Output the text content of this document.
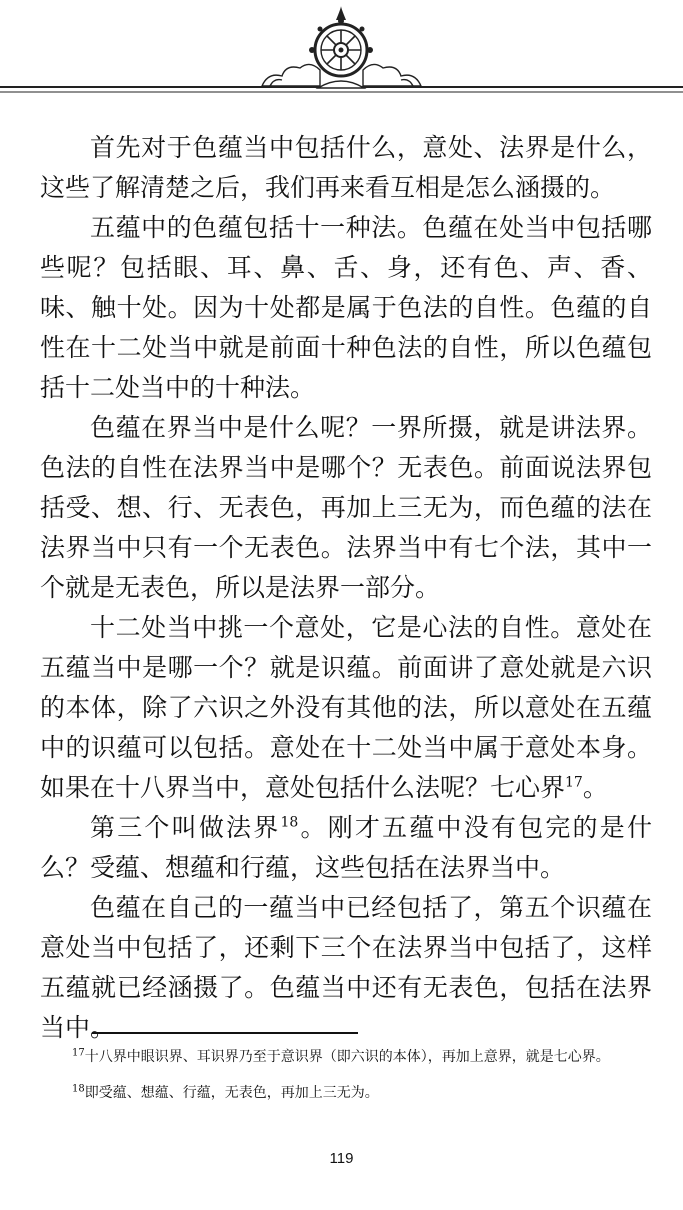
首先对于色蕴当中包括什么，意处、法界是什么，这些了解清楚之后，我们再来看互相是怎么涵摄的。

五蕴中的色蕴包括十一种法。色蕴在处当中包括哪些呢？包括眼、耳、鼻、舌、身，还有色、声、香、味、触十处。因为十处都是属于色法的自性。色蕴的自性在十二处当中就是前面十种色法的自性，所以色蕴包括十二处当中的十种法。

色蕴在界当中是什么呢？一界所摄，就是讲法界。色法的自性在法界当中是哪个？无表色。前面说法界包括受、想、行、无表色，再加上三无为，而色蕴的法在法界当中只有一个无表色。法界当中有七个法，其中一个就是无表色，所以是法界一部分。

十二处当中挑一个意处，它是心法的自性。意处在五蕴当中是哪一个？就是识蕴。前面讲了意处就是六识的本体，除了六识之外没有其他的法，所以意处在五蕴中的识蕴可以包括。意处在十二处当中属于意处本身。如果在十八界当中，意处包括什么法呢？七心界$^{17}$。

第三个叫做法界$^{18}$。刚才五蕴中没有包完的是什么？受蕴、想蕴和行蕴，这些包括在法界当中。

色蕴在自己的一蕴当中已经包括了，第五个识蕴在意处当中包括了，还剩下三个在法界当中包括了，这样五蕴就已经涵摄了。色蕴当中还有无表色，包括在法界当中。

$^{17}$十八界中眼识界、耳识界乃至于意识界（即六识的本体），再加上意界，就是七心界。

$^{18}$即受蕴、想蕴、行蕴，无表色，再加上三无为。

119
